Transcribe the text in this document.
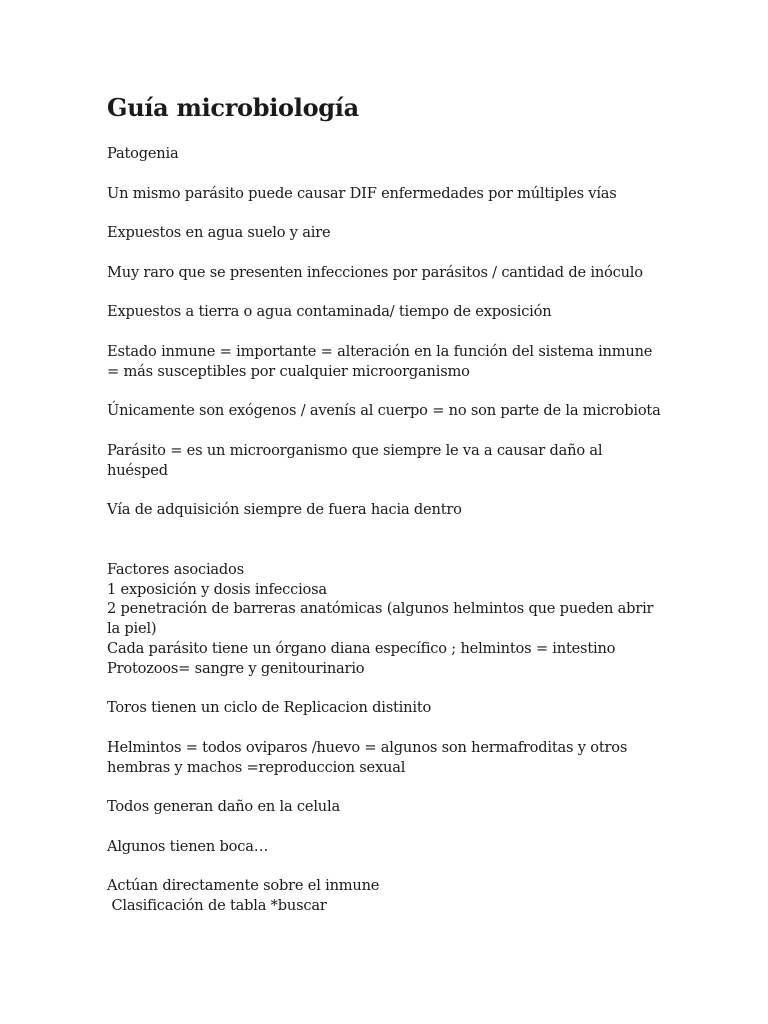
Guía microbiología

Patogenia

Un mismo parásito puede causar DIF enfermedades por múltiples vías

Expuestos en agua suelo y aire

Muy raro que se presenten infecciones por parásitos / cantidad de inóculo

Expuestos a tierra o agua contaminada/ tiempo de exposición

Estado inmune = importante = alteración en la función del sistema inmune = más susceptibles por cualquier microorganismo

Únicamente son exógenos / avenís al cuerpo = no son parte de la microbiota

Parásito = es un microorganismo que siempre le va a causar daño al huésped

Vía de adquisición siempre de fuera hacia dentro

Factores asociados
1 exposición y dosis infecciosa
2 penetración de barreras anatómicas (algunos helmintos que pueden abrir la piel)
Cada parásito tiene un órgano diana específico ; helmintos = intestino
Protozoos= sangre y genitourinario

Toros tienen un ciclo de Replicacion distinito

Helmintos = todos oviparos /huevo = algunos son hermafroditas y otros hembras y machos =reproduccion sexual

Todos generan daño en la celula

Algunos tienen boca…

Actúan directamente sobre el inmune
Clasificación de tabla *buscar
